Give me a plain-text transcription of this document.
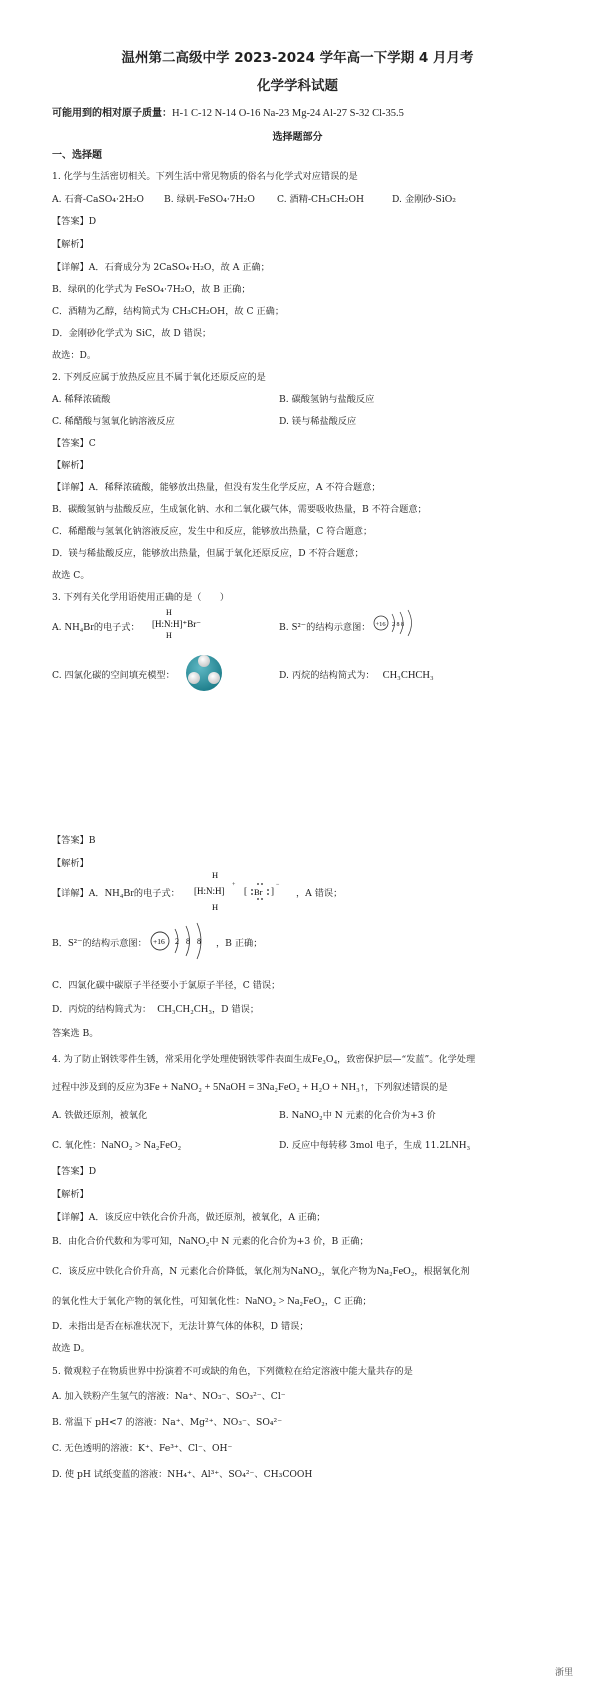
温州第二高级中学 2023-2024 学年高一下学期 4 月月考
化学学科试题
可能用到的相对原子质量：H-1 C-12 N-14 O-16 Na-23 Mg-24 Al-27 S-32 Cl-35.5
选择题部分
一、选择题
1. 化学与生活密切相关。下列生活中常见物质的俗名与化学式对应错误的是
A. 石膏-CaSO₄·2H₂O B. 绿矾-FeSO₄·7H₂O C. 酒精-CH₃CH₂OH	D. 金刚砂-SiO₂
【答案】D
【解析】
【详解】A．石膏成分为 2CaSO₄·H₂O，故 A 正确；
B．绿矾的化学式为 FeSO₄·7H₂O，故 B 正确；
C．酒精为乙醇，结构简式为 CH₃CH₂OH，故 C 正确；
D．金刚砂化学式为 SiC，故 D 错误；
故选：D。
2. 下列反应属于放热反应且不属于氧化还原反应的是
A. 稀释浓硫酸	B. 碳酸氢钠与盐酸反应
C. 稀醋酸与氢氧化钠溶液反应	D. 镁与稀盐酸反应
【答案】C
【解析】
【详解】A．稀释浓硫酸，能够放出热量，但没有发生化学反应，A 不符合题意；
B．碳酸氢钠与盐酸反应，生成氯化钠、水和二氧化碳气体，需要吸收热量，B 不符合题意；
C．稀醋酸与氢氧化钠溶液反应，发生中和反应，能够放出热量，C 符合题意；
D．镁与稀盐酸反应，能够放出热量，但属于氧化还原反应，D 不符合题意；
故选 C。
3. 下列有关化学用语使用正确的是（　　）
A. NH₄Br的电子式：
H
H
[H:N:H]⁺Br⁻	B. S²⁻的结构示意图： +16 2 8 8
C. 四氯化碳的空间填充模型：	D. 丙烷的结构简式为： CH₃CHCH₃
【答案】B
【解析】
【详解】A．NH₄Br的电子式：
H
H
[H:N:H]
+
[ Br ]
−
，A 错误；
B．S²⁻的结构示意图： +16 2 8 8 ，B 正确；
C．四氯化碳中碳原子半径要小于氯原子半径，C 错误；
D．丙烷的结构简式为： CH₃CH₂CH₃，D 错误；
答案选 B。
4. 为了防止钢铁零件生锈，常采用化学处理使钢铁零件表面生成Fe₃O₄，致密保护层—“发蓝”。化学处理
过程中涉及到的反应为3Fe + NaNO₂ + 5NaOH = 3Na₂FeO₂ + H₂O + NH₃↑，下列叙述错误的是
A. 铁做还原剂，被氧化	B. NaNO₂中 N 元素的化合价为+3 价
C. 氧化性：NaNO₂ > Na₂FeO₂	D. 反应中每转移 3mol 电子，生成 11.2LNH₃
【答案】D
【解析】
【详解】A．该反应中铁化合价升高，做还原剂，被氧化，A 正确；
B．由化合价代数和为零可知，NaNO₂中 N 元素的化合价为+3 价，B 正确；
C．该反应中铁化合价升高，N 元素化合价降低，氧化剂为NaNO₂，氧化产物为Na₂FeO₂，根据氧化剂
的氧化性大于氧化产物的氧化性，可知氧化性：NaNO₂ > Na₂FeO₂，C 正确；
D．未指出是否在标准状况下，无法计算气体的体积，D 错误；
故选 D。
5. 微观粒子在物质世界中扮演着不可或缺的角色，下列微粒在给定溶液中能大量共存的是
A. 加入铁粉产生氢气的溶液：Na⁺、NO₃⁻、SO₃²⁻、Cl⁻
B. 常温下 pH<7 的溶液：Na⁺、Mg²⁺、NO₃⁻、SO₄²⁻
C. 无色透明的溶液：K⁺、Fe³⁺、Cl⁻、OH⁻
D. 使 pH 试纸变蓝的溶液：NH₄⁺、Al³⁺、SO₄²⁻、CH₃COOH
浙里
